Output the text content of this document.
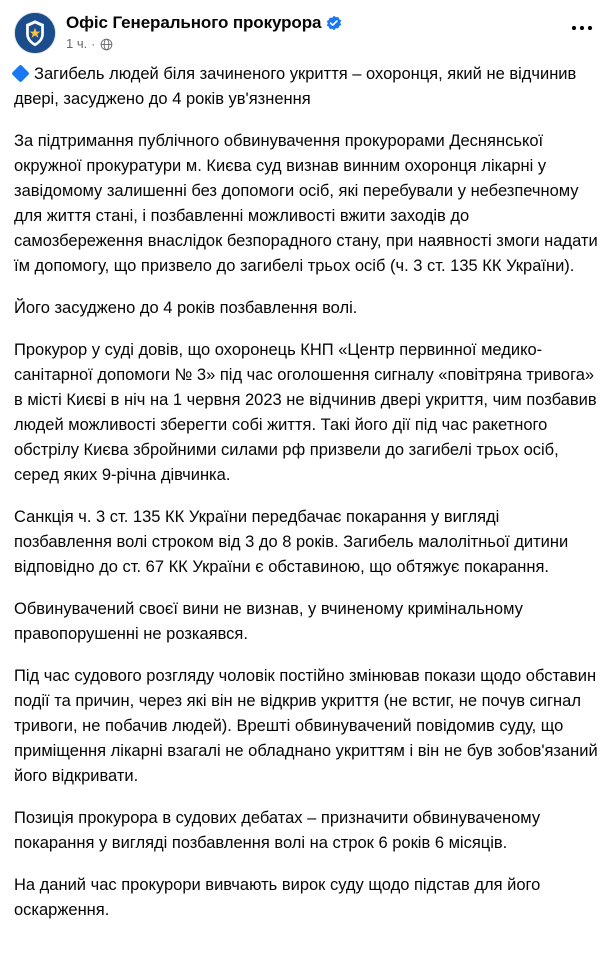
Офіс Генерального прокурора
1 ч. ·

Загибель людей біля зачиненого укриття – охоронця, який не відчинив двері, засуджено до 4 років ув'язнення

За підтримання публічного обвинувачення прокурорами Деснянської окружної прокуратури м. Києва суд визнав винним охоронця лікарні у завідомому залишенні без допомоги осіб, які перебували у небезпечному для життя стані, і позбавленні можливості вжити заходів до самозбереження внаслідок безпорадного стану, при наявності змоги надати їм допомогу, що призвело до загибелі трьох осіб (ч. 3 ст. 135 КК України).

Його засуджено до 4 років позбавлення волі.

Прокурор у суді довів, що охоронець КНП «Центр первинної медико-санітарної допомоги № 3» під час оголошення сигналу «повітряна тривога» в місті Києві в ніч на 1 червня 2023 не відчинив двері укриття, чим позбавив людей можливості зберегти собі життя. Такі його дії під час ракетного обстрілу Києва збройними силами рф призвели до загибелі трьох осіб, серед яких 9-річна дівчинка.

Санкція ч. 3 ст. 135 КК України передбачає покарання у вигляді позбавлення волі строком від 3 до 8 років. Загибель малолітньої дитини відповідно до ст. 67 КК України є обставиною, що обтяжує покарання.

Обвинувачений своєї вини не визнав, у вчиненому кримінальному правопорушенні не розкаявся.

Під час судового розгляду чоловік постійно змінював покази щодо обставин події та причин, через які він не відкрив укриття (не встиг, не почув сигнал тривоги, не побачив людей). Врешті обвинувачений повідомив суду, що приміщення лікарні взагалі не обладнано укриттям і він не був зобов'язаний його відкривати.

Позиція прокурора в судових дебатах – призначити обвинуваченому покарання у вигляді позбавлення волі на строк 6 років 6 місяців.

На даний час прокурори вивчають вирок суду щодо підстав для його оскарження.
